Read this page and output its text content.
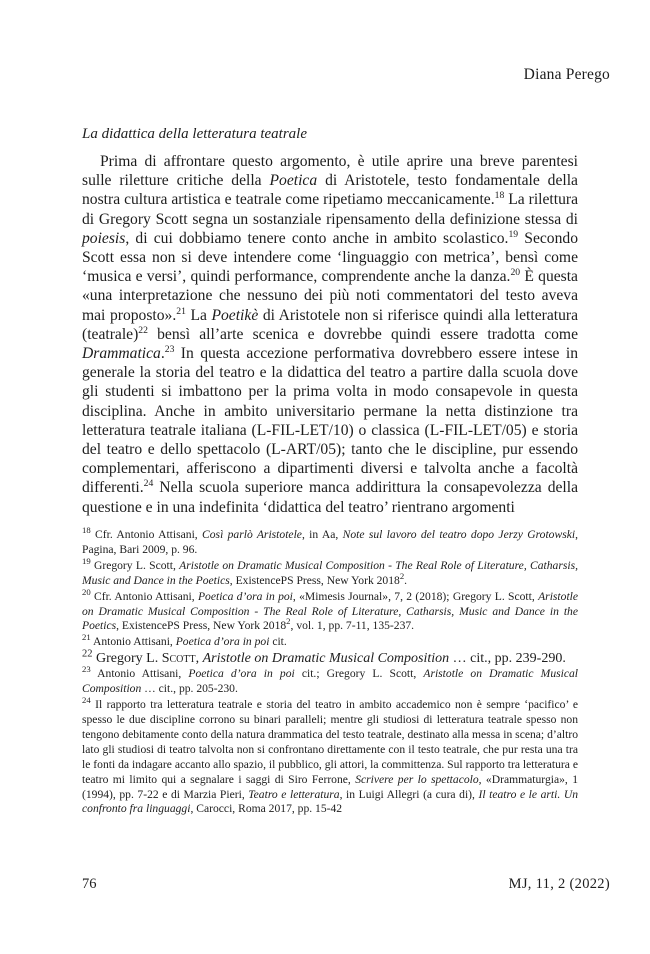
Diana Perego
La didattica della letteratura teatrale

Prima di affrontare questo argomento, è utile aprire una breve parentesi sulle riletture critiche della Poetica di Aristotele, testo fondamentale della nostra cultura artistica e teatrale come ripetiamo meccanicamente.$^{18}$ La rilettura di Gregory Scott segna un sostanziale ripensamento della definizione stessa di poiesis, di cui dobbiamo tenere conto anche in ambito scolastico.$^{19}$ Secondo Scott essa non si deve intendere come ‘linguaggio con metrica’, bensì come ‘musica e versi’, quindi performance, comprendente anche la danza.$^{20}$ È questa «una interpretazione che nessuno dei più noti commentatori del testo aveva mai proposto».$^{21}$ La Poetikè di Aristotele non si riferisce quindi alla letteratura (teatrale)$^{22}$ bensì all’arte scenica e dovrebbe quindi essere tradotta come Drammatica.$^{23}$ In questa accezione performativa dovrebbero essere intese in generale la storia del teatro e la didattica del teatro a partire dalla scuola dove gli studenti si imbattono per la prima volta in modo consapevole in questa disciplina. Anche in ambito universitario permane la netta distinzione tra letteratura teatrale italiana (L-FIL-LET/10) o classica (L-FIL-LET/05) e storia del teatro e dello spettacolo (L-ART/05); tanto che le discipline, pur essendo complementari, afferiscono a dipartimenti diversi e talvolta anche a facoltà differenti.$^{24}$ Nella scuola superiore manca addirittura la consapevolezza della questione e in una indefinita ‘didattica del teatro’ rientrano argomenti

$^{18}$ Cfr. Antonio Attisani, Così parlò Aristotele, in Aa, Note sul lavoro del teatro dopo Jerzy Grotowski, Pagina, Bari 2009, p. 96.

$^{19}$ Gregory L. Scott, Aristotle on Dramatic Musical Composition - The Real Role of Literature, Catharsis, Music and Dance in the Poetics, ExistencePS Press, New York 2018$^2$.

$^{20}$ Cfr. Antonio Attisani, Poetica d’ora in poi, «Mimesis Journal», 7, 2 (2018); Gregory L. Scott, Aristotle on Dramatic Musical Composition - The Real Role of Literature, Catharsis, Music and Dance in the Poetics, ExistencePS Press, New York 2018$^2$, vol. 1, pp. 7-11, 135-237.

$^{21}$ Antonio Attisani, Poetica d’ora in poi cit.

$^{22}$ Gregory L. Scott, Aristotle on Dramatic Musical Composition … cit., pp. 239-290.

$^{23}$ Antonio Attisani, Poetica d’ora in poi cit.; Gregory L. Scott, Aristotle on Dramatic Musical Composition … cit., pp. 205-230.

$^{24}$ Il rapporto tra letteratura teatrale e storia del teatro in ambito accademico non è sempre ‘pacifico’ e spesso le due discipline corrono su binari paralleli; mentre gli studiosi di letteratura teatrale spesso non tengono debitamente conto della natura drammatica del testo teatrale, destinato alla messa in scena; d’altro lato gli studiosi di teatro talvolta non si confrontano direttamente con il testo teatrale, che pur resta una tra le fonti da indagare accanto allo spazio, il pubblico, gli attori, la committenza. Sul rapporto tra letteratura e teatro mi limito qui a segnalare i saggi di Siro Ferrone, Scrivere per lo spettacolo, «Drammaturgia», 1 (1994), pp. 7-22 e di Marzia Pieri, Teatro e letteratura, in Luigi Allegri (a cura di), Il teatro e le arti. Un confronto fra linguaggi, Carocci, Roma 2017, pp. 15-42

76	MJ, 11, 2 (2022)
